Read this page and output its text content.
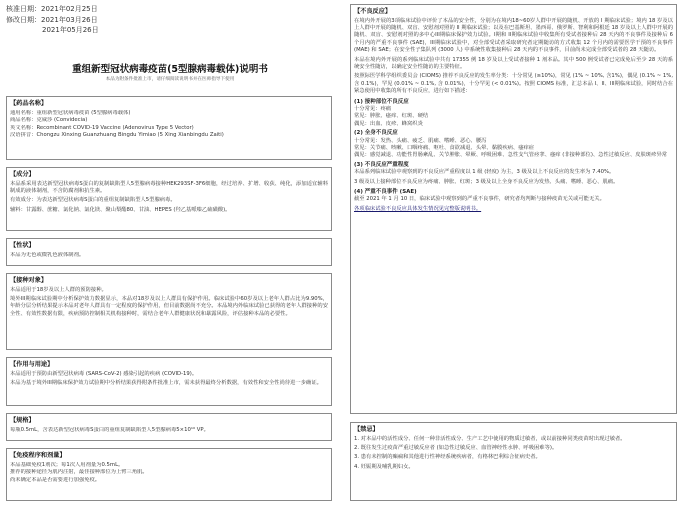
核准日期：2021年02月25日
修改日期：2021年03月26日
2021年05月26日
重组新型冠状病毒疫苗(5型腺病毒载体)说明书
本品为附条件批准上市，请仔细阅读说明书并在医师指导下使用
【药品名称】
通用名称：重组新型冠状病毒疫苗 (5型腺病毒载体)
商品名称：克威莎 (Convidecia)
英文名称：Recombinant COVID-19 Vaccine (Adenovirus Type 5 Vector)
汉语拼音：Chongzu Xinxing Guanzhuang Bingdu Yimiao (5 Xing Xianbingdu Zaiti)
【成分】
本品系采用表达新型冠状病毒S蛋白的复制缺陷型人5型腺病毒接种HEK293SF-3F6细胞，经过培养、扩增、收获、纯化，添加适宜辅料制成的液体制剂，不含防腐剂和抗生素。
有效成分：为表达新型冠状病毒S蛋白的重组复制缺陷型人5型腺病毒。
辅料：甘露醇、蔗糖、氯化钠、氯化镁、聚山梨酯80、甘油、HEPES (羟乙基哌嗪乙硫磺酸)。
【性状】
本品为无色或微乳色液体制剂。
【接种对象】
本品适用于18岁及以上人群的预防接种。
境外III期临床试验期中分析保护效力数据显示，本品对18岁及以上人群具有保护作用。临床试验中60岁及以上老年人群占比为9.90%，年龄分层分析结果提示本品对老年人群具有一定程度的保护作用，但目前数据尚不充分。本品境内外临床试验已获得的老年人群接种的安全性、有效性数据有限，疾病预防控制相关机构接种时，需结合老年人群健康状况和暴露风险，评估接种本品的必要性。
【作用与用途】
本品适用于预防由新型冠状病毒 (SARS-CoV-2) 感染引起的疾病 (COVID-19)。
本品为基于境外III期临床保护效力试验期中分析结果获得附条件批准上市，需未获得最终分析数据，有效性和安全性尚待进一步确证。
【规格】
每瓶0.5mL，含表达新型冠状病毒S蛋白的重组复制缺陷型人5型腺病毒5×10¹⁰ VP。
【免疫程序和剂量】
本品基础免疫1剂次；每1次人用剂量为0.5mL。
推荐的接种途径为肌内注射，最佳接种部位为上臂三角肌。
尚未确定本品是否需要进行加强免疫。
【不良反应】
在境内外开展的3项临床试验中评价了本品的安全性，分别为在境内18~60岁人群中开展的随机、开放的 I 期临床试验；境内 18 岁及以上人群中开展的随机、双盲、安慰剂对照的 II 期临床试验；以及在巴基斯坦、墨西哥、俄罗斯、智利和阿根廷 18 岁及以上人群中开展的随机、双盲、安慰剂对照的多中心III期临床保护效力试验。I期和 II期临床试验中收集所有受试者接种后 28 天内的不良事件及接种后 6 个月内的严重不良事件 (SAE)，III期临床试验中，对全部受试者采取研究者定期随访的方式收集 12 个月内的需要医学干预的不良事件 (MAE) 和 SAE；在安全性子集队列 (3000 人) 中系统性收集接种后 28 天内的不良事件，目前尚未完成全部受试者的 28 天随访。
本品在境内外开展的系列临床试验中共有 17355 例 18 岁及以上受试者接种 1 剂本品。其中 500 例受试者已完成免后至少 28 天的系统安全性随访，以确定安全性随访的主要特征。
按照际医学科学组织委员会 (CIOMS) 推荐不良反应的发生率分类：十分常见 (≥10%)，常见 (1% ~ 10%, 含1%)，偶见 (0.1% ~ 1%, 含 0.1%)，罕见 (0.01% ~ 0.1%, 含 0.01%)，十分罕见 (< 0.01%)。按照 CIOMS 标准，汇总本品 I、II、III期临床试验，同时结合在紧急使用中收集的所有不良反应，进行如下描述：
(1) 接种部位不良反应
十分常见：疼痛
常见：肿胀、瘙痒、红斑、硬结
偶见：出血、皮疹、蜂窝织炎
(2) 全身不良反应
十分常见：发热、头痛、疲乏、肌痛、嗜睡、恶心、腰泻
常见：关节痛、咳嗽、口咽疼痛、呕吐、食欲减退、头晕、黏膜疾病、瘙痒症
偶见：感觉减退、功能性胃肠紊乱、关节肿胀、晕厥、呼吸困难、急性支气管痉挛、瘙痒 (非接种部位)、急性过敏反应、皮肤斑疹异常
(3) 不良反应严重程度
本品系列临床试验中观察到的不良反应严重程度以 1 级 (轻度) 为主，3 级及以上不良反应的发生率为 7.40%。
3 级及以上接种部位不良反应为疼痛、肿胀、红斑；3 级及以上全身不良反应为发热、头痛、嗜睡、恶心、肌痛。
(4) 严重不良事件 (SAE)
截至 2021 年 1 月 10 日，临床试验中观察到的严重不良事件，研究者均判断与接种疫苗无关或可能无关。
各项临床试验不良反应具体发生情况见完整版说明书。
【禁忌】
1. 对本品中的活性成分、任何一种非活性成分、生产工艺中使用的物质过敏者，或以前接种同类疫苗时出现过敏者。
2. 既往发生过疫苗严重过敏反应者 (如急性过敏反应、血管神经性水肿、呼吸困难等)。
3. 患有未控制的癫痫和其他进行性神经系统疾病者，有格林巴利综合征病史者。
4. 妊娠期及哺乳期妇女。
